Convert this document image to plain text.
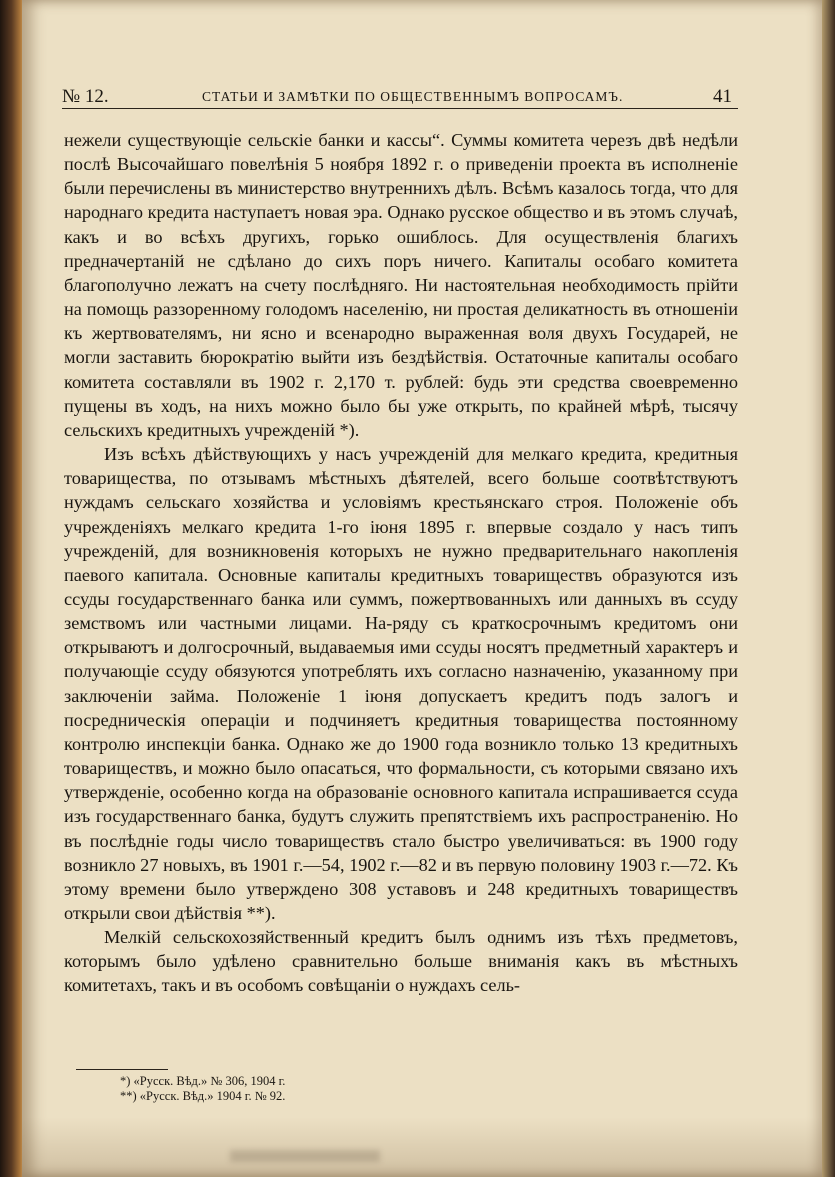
№ 12.	СТАТЬИ И ЗАМѢТКИ ПО ОБЩЕСТВЕННЫМЪ ВОПРОСАМЪ.	41

нежели существующіе сельскіе банки и кассы“. Суммы комитета черезъ двѣ недѣли послѣ Высочайшаго повелѣнія 5 ноября 1892 г. о приведеніи проекта въ исполненіе были перечислены въ министерство внутреннихъ дѣлъ. Всѣмъ казалось тогда, что для народнаго кредита наступаетъ новая эра. Однако русское общество и въ этомъ случаѣ, какъ и во всѣхъ другихъ, горько ошиблось. Для осуществленія благихъ предначертаній не сдѣлано до сихъ поръ ничего. Капиталы особаго комитета благополучно лежатъ на счету послѣдняго. Ни настоятельная необходимость прійти на помощь раззоренному голодомъ населенію, ни простая деликатность въ отношеніи къ жертвователямъ, ни ясно и всенародно выраженная воля двухъ Государей, не могли заставить бюрократію выйти изъ бездѣйствія. Остаточные капиталы особаго комитета составляли въ 1902 г. 2,170 т. рублей: будь эти средства своевременно пущены въ ходъ, на нихъ можно было бы уже открыть, по крайней мѣрѣ, тысячу сельскихъ кредитныхъ учрежденій *).

Изъ всѣхъ дѣйствующихъ у насъ учрежденій для мелкаго кредита, кредитныя товарищества, по отзывамъ мѣстныхъ дѣятелей, всего больше соотвѣтствуютъ нуждамъ сельскаго хозяйства и условіямъ крестьянскаго строя. Положеніе объ учрежденіяхъ мелкаго кредита 1-го іюня 1895 г. впервые создало у насъ типъ учрежденій, для возникновенія которыхъ не нужно предварительнаго накопленія паевого капитала. Основные капиталы кредитныхъ товариществъ образуются изъ ссуды государственнаго банка или суммъ, пожертвованныхъ или данныхъ въ ссуду земствомъ или частными лицами. На-ряду съ краткосрочнымъ кредитомъ они открываютъ и долгосрочный, выдаваемыя ими ссуды носятъ предметный характеръ и получающіе ссуду обязуются употреблять ихъ согласно назначенію, указанному при заключеніи займа. Положеніе 1 іюня допускаетъ кредитъ подъ залогъ и посредническія операціи и подчиняетъ кредитныя товарищества постоянному контролю инспекціи банка. Однако же до 1900 года возникло только 13 кредитныхъ товариществъ, и можно было опасаться, что формальности, съ которыми связано ихъ утвержденіе, особенно когда на образованіе основного капитала испрашивается ссуда изъ государственнаго банка, будутъ служить препятствіемъ ихъ распространенію. Но въ послѣдніе годы число товариществъ стало быстро увеличиваться: въ 1900 году возникло 27 новыхъ, въ 1901 г.—54, 1902 г.—82 и въ первую половину 1903 г.—72. Къ этому времени было утверждено 308 уставовъ и 248 кредитныхъ товариществъ открыли свои дѣйствія **).

Мелкій сельскохозяйственный кредитъ былъ однимъ изъ тѣхъ предметовъ, которымъ было удѣлено сравнительно больше вниманія какъ въ мѣстныхъ комитетахъ, такъ и въ особомъ совѣщаніи о нуждахъ сель-

*) «Русск. Вѣд.» № 306, 1904 г.
**) «Русск. Вѣд.» 1904 г. № 92.
